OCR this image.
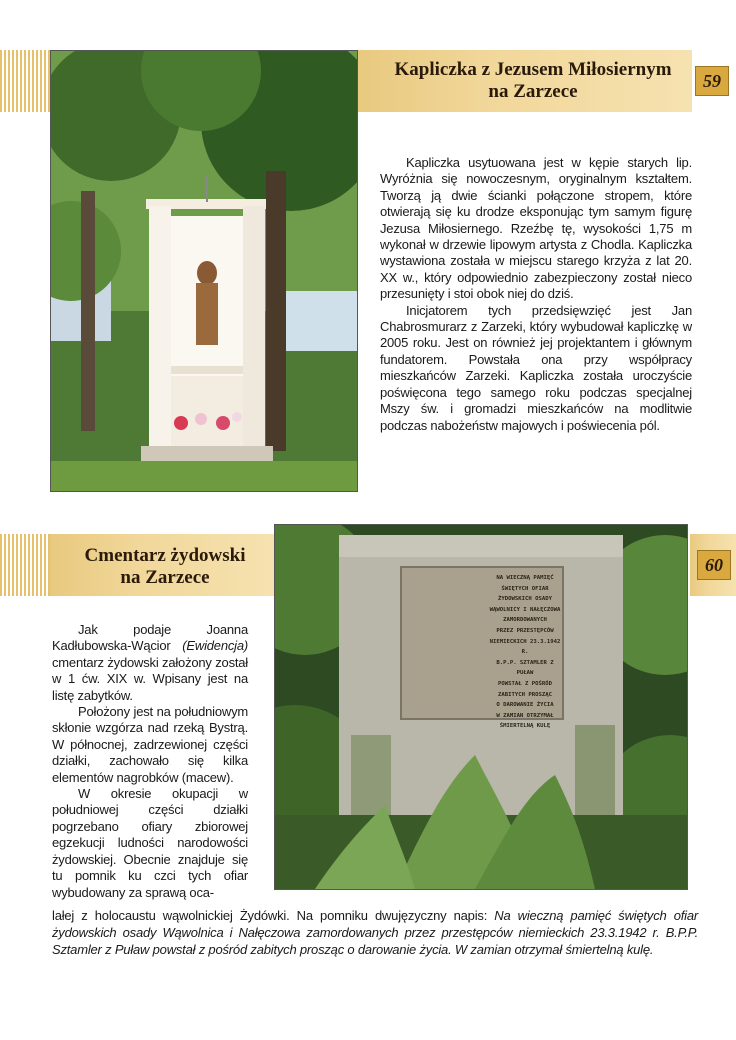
Kapliczka z Jezusem Miłosiernym
na Zarzece	59

Kapliczka usytuowana jest w kępie starych lip. Wyróżnia się nowoczesnym, oryginalnym kształtem. Tworzą ją dwie ścianki połączone stropem, które otwierają się ku drodze eksponując tym samym figurę Jezusa Miłosiernego. Rzeźbę tę, wysokości 1,75 m wykonał w drzewie lipowym artysta z Chodla. Kapliczka wystawiona została w miejscu starego krzyża z lat 20. XX w., który odpowiednio zabezpieczony został nieco przesunięty i stoi obok niej do dziś.

Inicjatorem tych przedsięwzięć jest Jan Chabrosmurarz z Zarzeki, który wybudował kapliczkę w 2005 roku. Jest on również jej projektantem i głównym fundatorem. Powstała ona przy współpracy mieszkańców Zarzeki. Kapliczka została uroczyście poświęcona tego samego roku podczas specjalnej Mszy św. i gromadzi mieszkańców na modlitwie podczas nabożeństw majowych i poświecenia pól.

Cmentarz żydowski
na Zarzece
60
NA WIECZNĄ PAMIĘĆ
ŚWIĘTYCH OFIAR
ŻYDOWSKICH OSADY
WĄWOLNICY I NAŁĘCZOWA
ZAMORDOWANYCH
PRZEZ PRZESTĘPCÓW
NIEMIECKICH 23.3.1942 R.
B.P.P. SZTAMLER Z PUŁAW
POWSTAŁ Z POŚRÓD
ZABITYCH PROSZĄC
O DAROWANIE ŻYCIA
W ZAMIAN OTRZYMAŁ
ŚMIERTELNĄ KULĘ

Jak podaje Joanna Kadłubowska-Wącior (Ewidencja) cmentarz żydowski założony został w 1 ćw. XIX w. Wpisany jest na listę zabytków.

Położony jest na południowym skłonie wzgórza nad rzeką Bystrą. W północnej, zadrzewionej części działki, zachowało się kilka elementów nagrobków (macew).

W okresie okupacji w południowej części działki pogrzebano ofiary zbiorowej egzekucji ludności narodowości żydowskiej. Obecnie znajduje się tu pomnik ku czci tych ofiar wybudowany za sprawą oca-

lałej z holocaustu wąwolnickiej Żydówki. Na pomniku dwujęzyczny napis: Na wieczną pamięć świętych ofiar żydowskich osady Wąwolnica i Nałęczowa zamordowanych przez przestępców niemieckich 23.3.1942 r. B.P.P. Sztamler z Puław powstał z pośród zabitych prosząc o darowanie życia. W zamian otrzymał śmiertelną kulę.
